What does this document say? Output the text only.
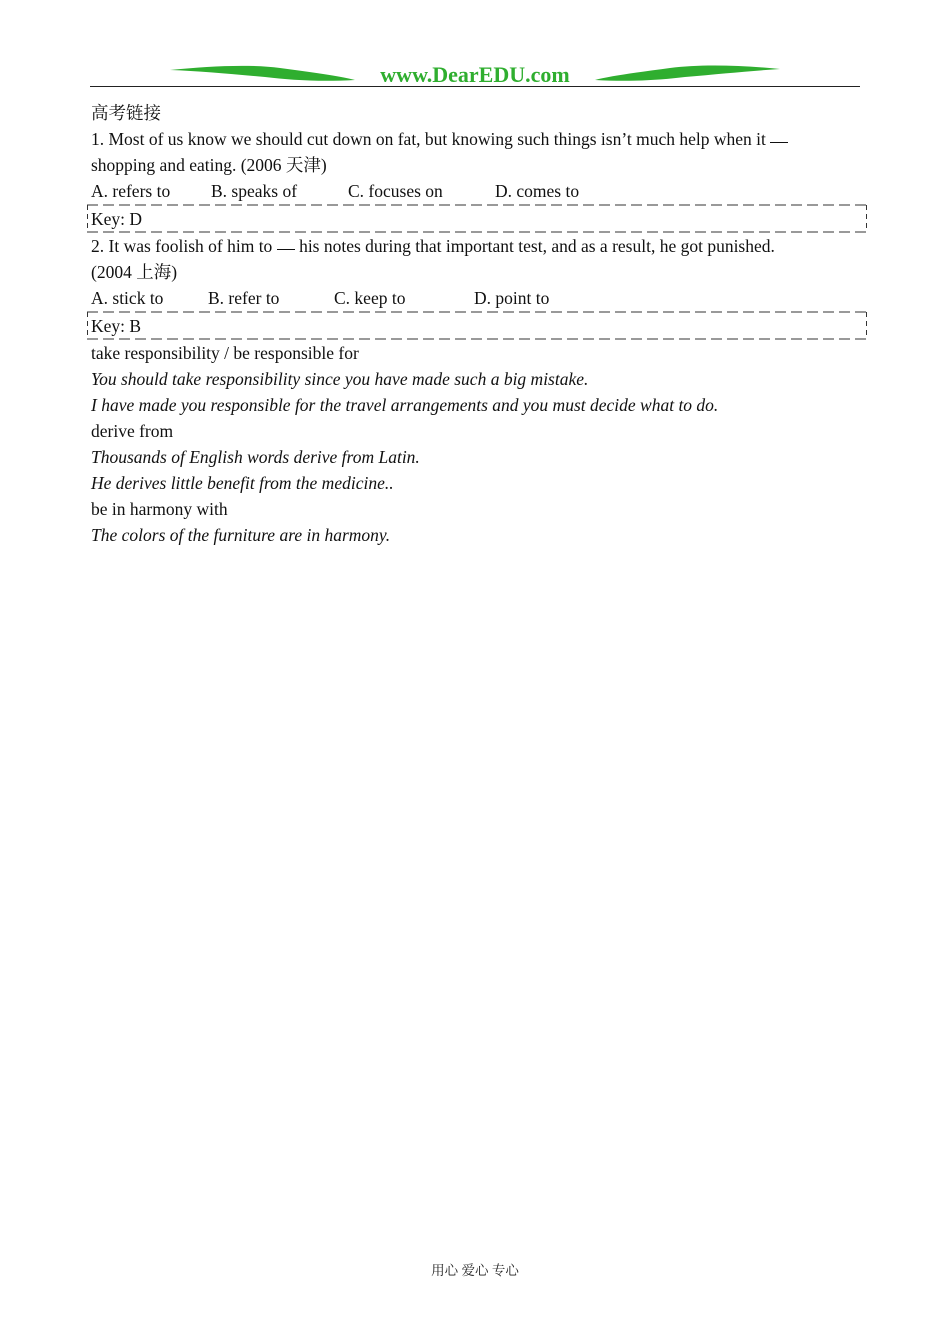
www.DearEDU.com
高考链接
1. Most of us know we should cut down on fat, but knowing such things isn’t much help when it
shopping and eating. (2006 天津)
A. refers to B. speaks of	C. focuses on	D. comes to
Key: D
2. It was foolish of him to his notes during that important test, and as a result, he got punished.
(2004 上海)
A. stick to	B. refer to	C. keep to	D. point to
Key: B
take responsibility / be responsible for
You should take responsibility since you have made such a big mistake.
I have made you responsible for the travel arrangements and you must decide what to do.
derive from
Thousands of English words derive from Latin.
He derives little benefit from the medicine..
be in harmony with
The colors of the furniture are in harmony.
用心 爱心 专心
